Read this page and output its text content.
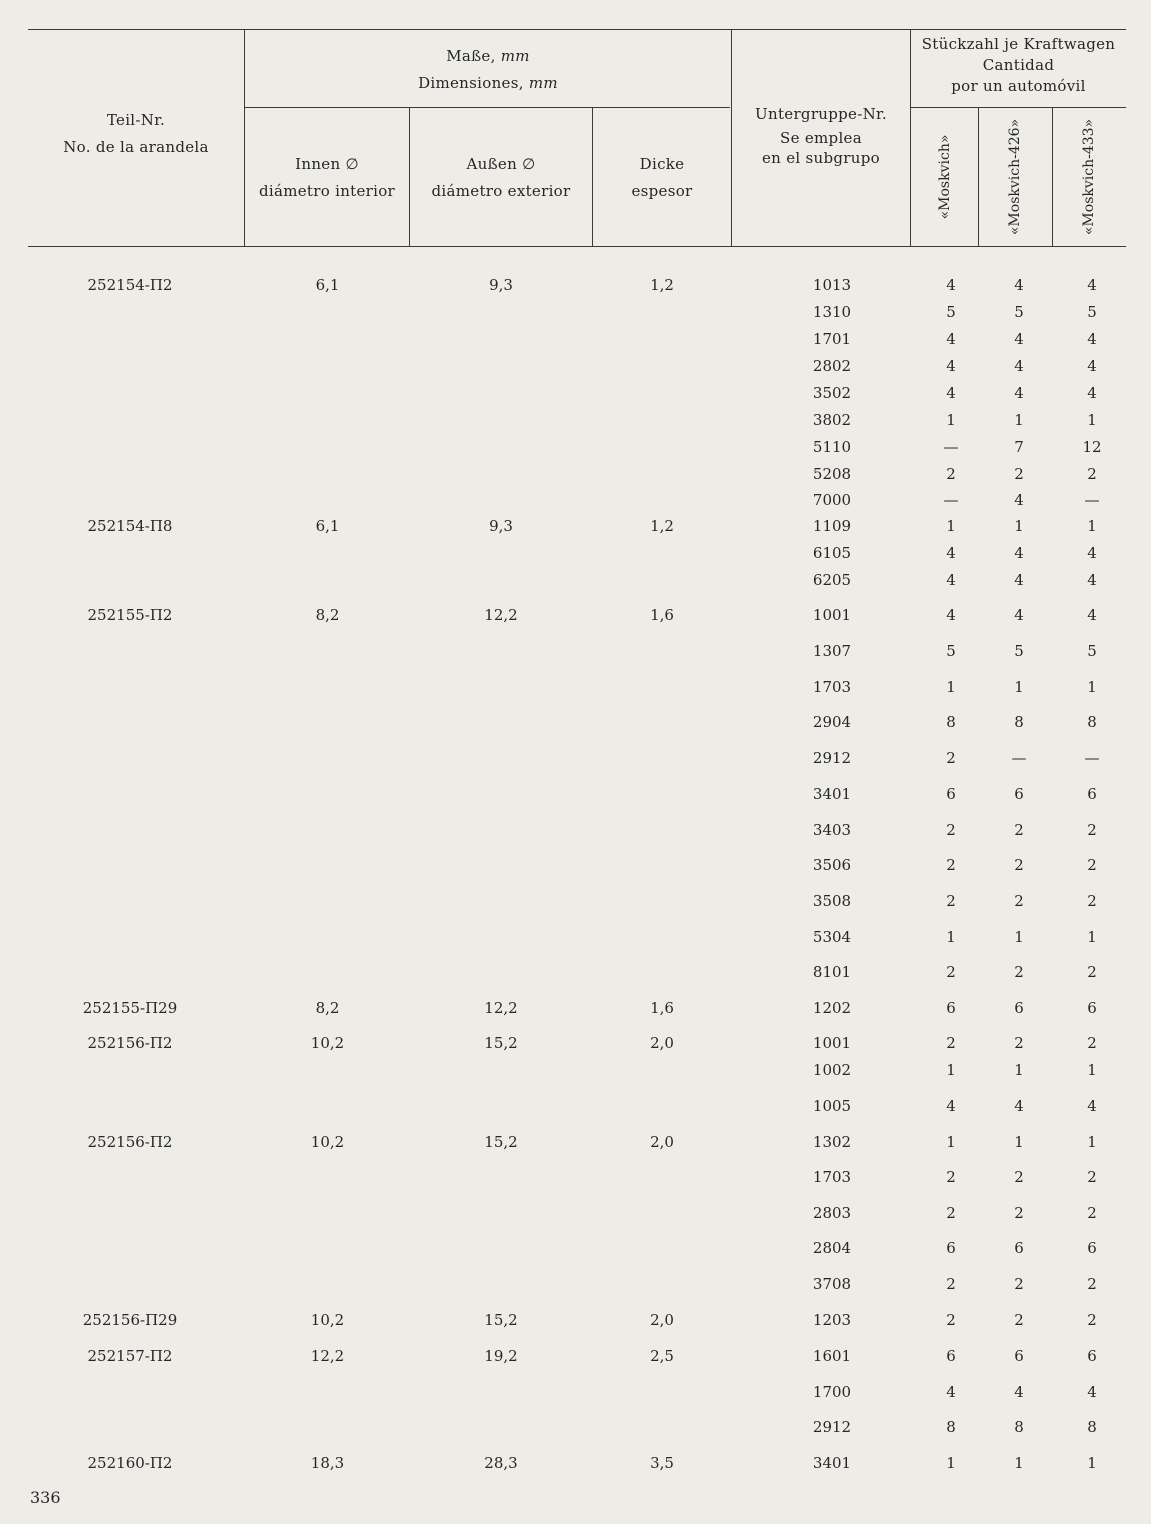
Teil-Nr.
No. de la arandela
Maße, mm
Dimensiones, mm
Innen ∅
diámetro interior
Außen ∅
diámetro exterior
Dicke
espesor
Untergruppe-Nr.
Se emplea
en el subgrupo
Stückzahl je Kraftwagen
Cantidad
por un automóvil
«Moskvich»	«Moskvich-426»	«Moskvich-433»
252154-П2	6,1	9,3	1,2	1013	4	4	4
1310	5	5	5
1701	4	4	4
2802	4	4	4
3502	4	4	4
3802	1	1	1
5110	—	7	12
5208	2	2	2
7000	—	4	—
252154-П8	6,1	9,3	1,2	1109	1	1	1
6105	4	4	4
6205	4	4	4
252155-П2	8,2	12,2	1,6	1001	4	4	4
1307	5	5	5
1703	1	1	1
2904	8	8	8
2912	2	—	—
3401	6	6	6
3403	2	2	2
3506	2	2	2
3508	2	2	2
5304	1	1	1
8101	2	2	2
252155-П29	8,2	12,2	1,6	1202	6	6	6
252156-П2	10,2	15,2	2,0	1001	2	2	2
1002	1	1	1
1005	4	4	4
252156-П2	10,2	15,2	2,0	1302	1	1	1
1703	2	2	2
2803	2	2	2
2804	6	6	6
3708	2	2	2
252156-П29	10,2	15,2	2,0	1203	2	2	2
252157-П2	12,2	19,2	2,5	1601	6	6	6
1700	4	4	4
2912	8	8	8
252160-П2	18,3	28,3	3,5	3401	1	1	1
336
